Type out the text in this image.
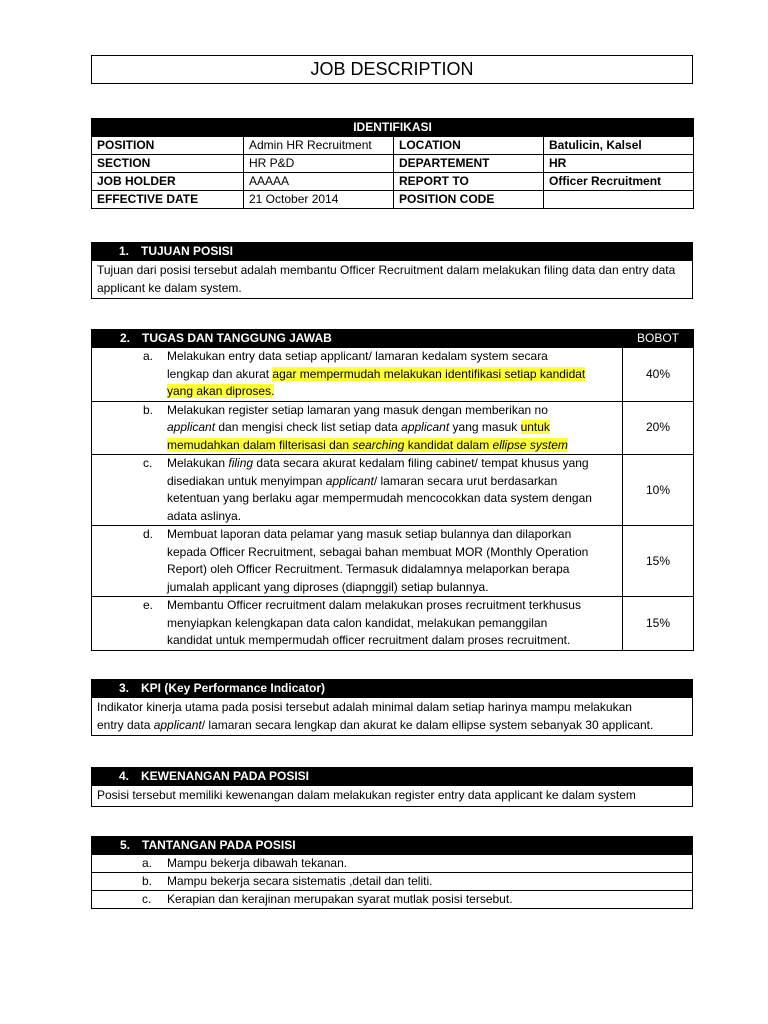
JOB DESCRIPTION
IDENTIFIKASI			
POSITION	Admin HR Recruitment	LOCATION	Batulicin, Kalsel
SECTION	HR P&D	DEPARTEMENT	HR
JOB HOLDER	AAAAA	REPORT TO	Officer Recruitment
EFFECTIVE DATE	21 October 2014	POSITION CODE	
1. TUJUAN POSISI
Tujuan dari posisi tersebut adalah membantu Officer Recruitment dalam melakukan filing data dan entry data applicant ke dalam system.
2. TUGAS DAN TANGGUNG JAWAB	BOBOT

a. Melakukan entry data setiap applicant/ lamaran kedalam system secara
lengkap dan akurat agar mempermudah melakukan identifikasi setiap kandidat
yang akan diproses.	40%

b. Melakukan register setiap lamaran yang masuk dengan memberikan no
applicant dan mengisi check list setiap data applicant yang masuk untuk
memudahkan dalam filterisasi dan searching kandidat dalam ellipse system	20%

c. Melakukan filing data secara akurat kedalam filing cabinet/ tempat khusus yang
disediakan untuk menyimpan applicant/ lamaran secara urut berdasarkan
ketentuan yang berlaku agar mempermudah mencocokkan data system dengan
adata aslinya.	10%

d. Membuat laporan data pelamar yang masuk setiap bulannya dan dilaporkan
kepada Officer Recruitment, sebagai bahan membuat MOR (Monthly Operation
Report) oleh Officer Recruitment. Termasuk didalamnya melaporkan berapa
jumalah applicant yang diproses (diapnggil) setiap bulannya.	15%

e. Membantu Officer recruitment dalam melakukan proses recruitment terkhusus
menyiapkan kelengkapan data calon kandidat, melakukan pemanggilan
kandidat untuk mempermudah officer recruitment dalam proses recruitment.	15%
3. KPI (Key Performance Indicator)
Indikator kinerja utama pada posisi tersebut adalah minimal dalam setiap harinya mampu melakukan
entry data applicant/ lamaran secara lengkap dan akurat ke dalam ellipse system sebanyak 30 applicant.
4. KEWENANGAN PADA POSISI
Posisi tersebut memiliki kewenangan dalam melakukan register entry data applicant ke dalam system
5. TANTANGAN PADA POSISI
a. Mampu bekerja dibawah tekanan.
b. Mampu bekerja secara sistematis ,detail dan teliti.
c. Kerapian dan kerajinan merupakan syarat mutlak posisi tersebut.
